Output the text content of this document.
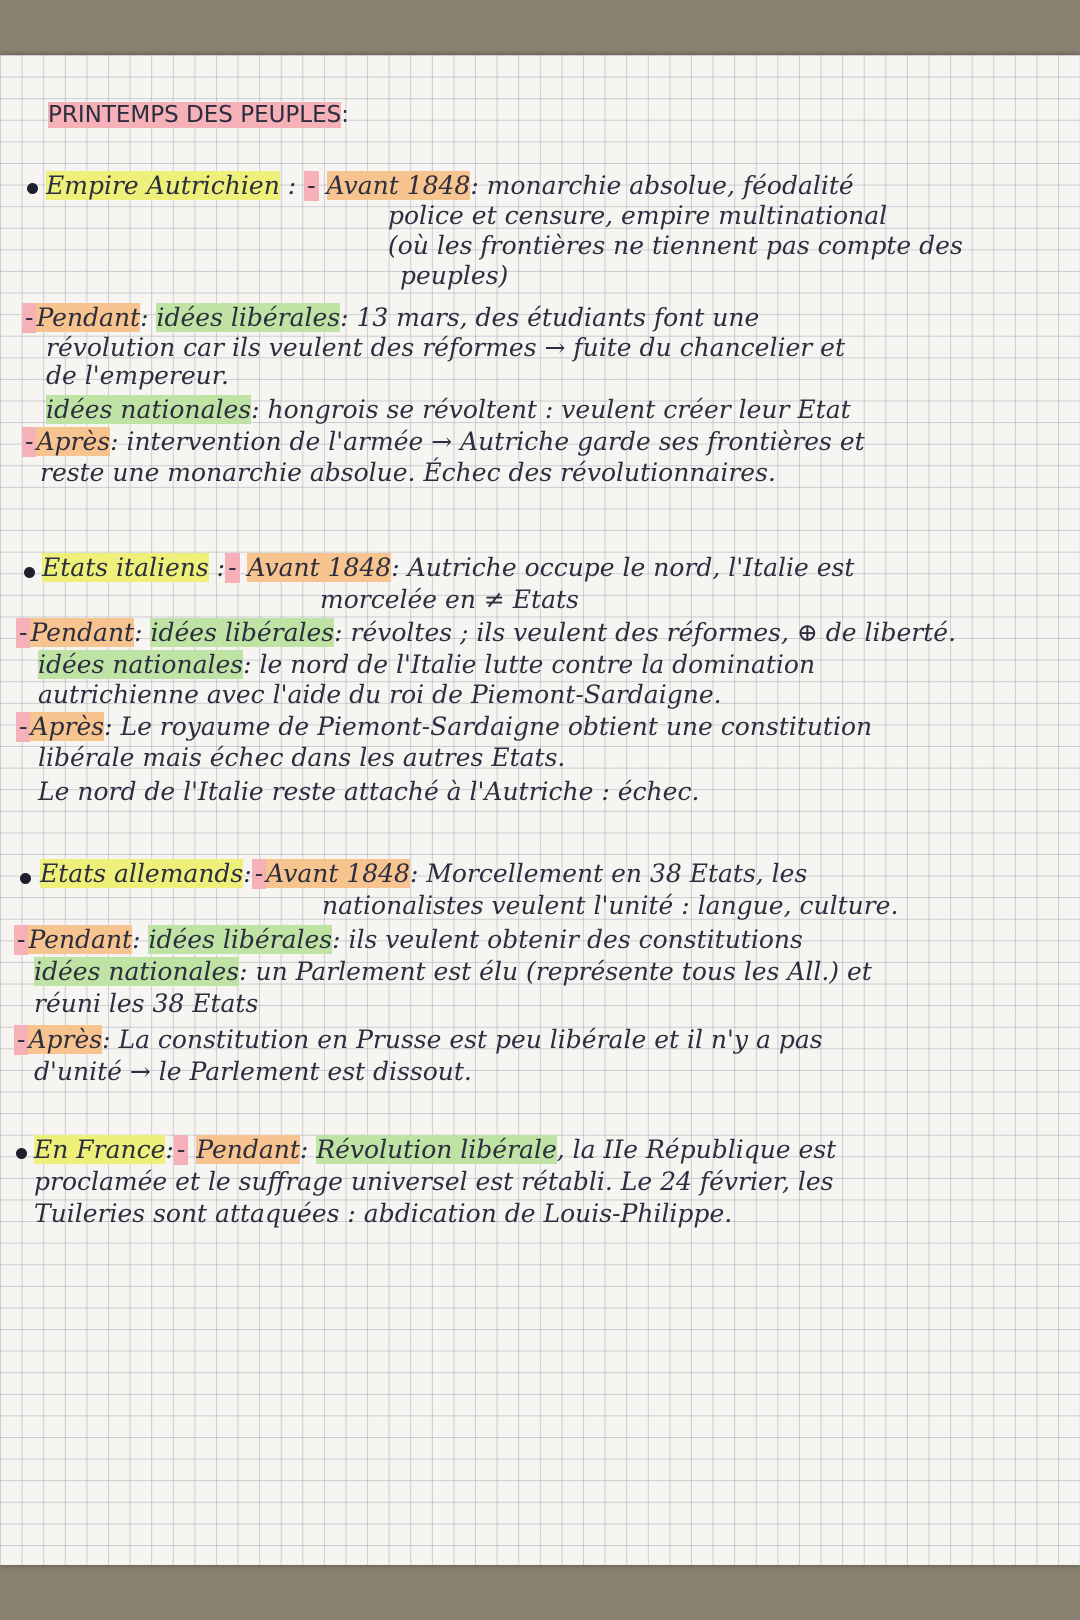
PRINTEMPS DES PEUPLES:
Empire Autrichien : - Avant 1848: monarchie absolue, féodalité
police et censure, empire multinational
(où les frontières ne tiennent pas compte des
peuples)
- Pendant: idées libérales: 13 mars, des étudiants font une
révolution car ils veulent des réformes → fuite du chancelier et
de l'empereur.
idées nationales: hongrois se révoltent : veulent créer leur Etat
- Après: intervention de l'armée → Autriche garde ses frontières et
reste une monarchie absolue. Échec des révolutionnaires.
Etats italiens : - Avant 1848: Autriche occupe le nord, l'Italie est
morcelée en ≠ Etats
- Pendant: idées libérales: révoltes ; ils veulent des réformes, ⊕ de liberté.
idées nationales: le nord de l'Italie lutte contre la domination
autrichienne avec l'aide du roi de Piemont-Sardaigne.
- Après: Le royaume de Piemont-Sardaigne obtient une constitution
libérale mais échec dans les autres Etats.
Le nord de l'Italie reste attaché à l'Autriche : échec.
Etats allemands: - Avant 1848: Morcellement en 38 Etats, les
nationalistes veulent l'unité : langue, culture.
- Pendant: idées libérales: ils veulent obtenir des constitutions
idées nationales: un Parlement est élu (représente tous les All.) et
réuni les 38 Etats
- Après: La constitution en Prusse est peu libérale et il n'y a pas
d'unité → le Parlement est dissout.
En France: - Pendant: Révolution libérale, la IIe République est
proclamée et le suffrage universel est rétabli. Le 24 février, les
Tuileries sont attaquées : abdication de Louis-Philippe.
